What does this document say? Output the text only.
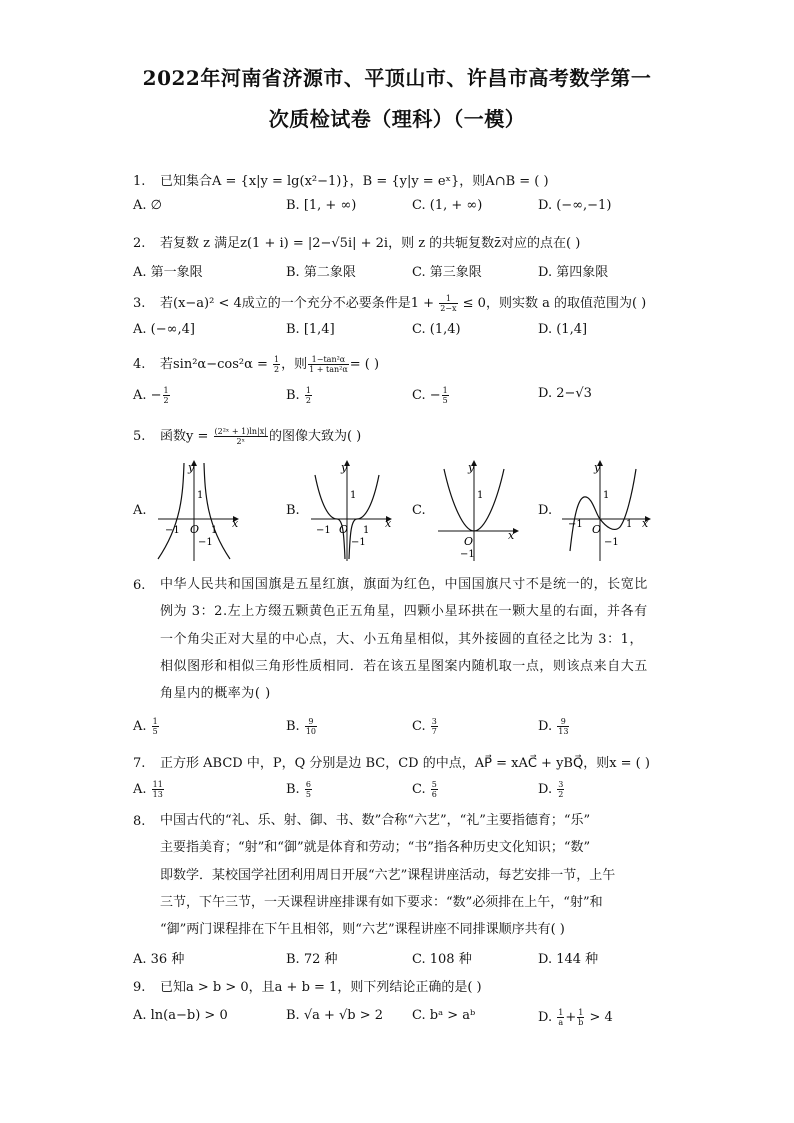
2022年河南省济源市、平顶山市、许昌市高考数学第一
次质检试卷（理科）（一模）
1. 已知集合A = {x|y = lg(x²−1)}，B = {y|y = eˣ}，则A∩B = ( )
A. ∅	B. [1, + ∞)	C. (1, + ∞)	D. (−∞,−1)
2. 若复数 z 满足z(1 + i) = |2−√5i| + 2i，则 z 的共轭复数z̄对应的点在( )
A. 第一象限	B. 第二象限	C. 第三象限	D. 第四象限
3. 若(x−a)² < 4成立的一个充分不必要条件是$1 + \frac{1}{2-x} \le 0$，则实数 a 的取值范围为( )
A. (−∞,4]	B. [1,4]	C. (1,4)	D. (1,4]
4. 若$\sin^2\alpha-\cos^2\alpha = \frac{1}{2}$ ，则 $\frac{\text{1−tan²α}}{\text{1 + tan²α}}$ = ( )
A. − $\frac{1}{2}$	B. $\frac{1}{2}$	C. − $\frac{1}{5}$	D. 2−√3
5. 函数$y = \frac{\text{(2²ˣ + 1)ln|x|}}{\text{2ˣ}}$ 的图像大致为( )
A.	B.	C.	D.
y
x
O
1
−1
−1	1
y
x
O
1
−1
−1	1
y
x
O
1
−1
y
x
O
1
−1
−1	1
6.	中华人民共和国国旗是五星红旗，旗面为红色，中国国旗尺寸不是统一的，长宽比
例为 3：2.左上方缀五颗黄色正五角星，四颗小星环拱在一颗大星的右面，并各有
一个角尖正对大星的中心点，大、小五角星相似，其外接圆的直径之比为 3：1，
相似图形和相似三角形性质相同．若在该五星图案内随机取一点，则该点来自大五
角星内的概率为( )
A. $\frac{1}{5}$	B. $\frac{9}{10}$	C. $\frac{3}{7}$	D. $\frac{9}{13}$
7. 正方形 ABCD 中，P，Q 分别是边 BC，CD 的中点，AP⃗ = xAC⃗ + yBQ⃗，则x = ( )
A. $\frac{11}{13}$	B. $\frac{6}{5}$	C. $\frac{5}{6}$	D. $\frac{3}{2}$
8.	中国古代的“礼、乐、射、御、书、数”合称“六艺”，“礼”主要指德育；“乐”
主要指美育；“射”和“御”就是体育和劳动；“书”指各种历史文化知识；“数”
即数学．某校国学社团利用周日开展“六艺”课程讲座活动，每艺安排一节，上午
三节，下午三节，一天课程讲座排课有如下要求：“数”必须排在上午，“射”和
“御”两门课程排在下午且相邻，则“六艺”课程讲座不同排课顺序共有( )
A. 36 种	B. 72 种	C. 108 种	D. 144 种
9. 已知a > b > 0，且a + b = 1，则下列结论正确的是( )
A. ln(a−b) > 0	B. √a + √b > 2 C. bᵃ > aᵇ	D. $\frac{1}{a} + \frac{1}{b} > 4$
